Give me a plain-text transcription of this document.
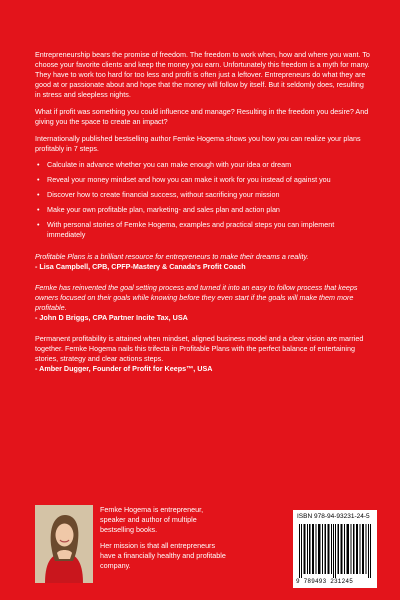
Entrepreneurship bears the promise of freedom. The freedom to work when, how and where you want. To choose your favorite clients and keep the money you earn. Unfortunately this freedom is a myth for many. They have to work too hard for too less and profit is often just a leftover. Entrepreneurs do what they are good at or passionate about and hope that the money will follow by itself. But it seldomly does, resulting in stress and sleepless nights.

What if profit was something you could influence and manage? Resulting in the freedom you desire? And giving you the space to create an impact?

Internationally published bestselling author Femke Hogema shows you how you can realize your plans profitably in 7 steps.

• Calculate in advance whether you can make enough with your idea or dream
• Reveal your money mindset and how you can make it work for you instead of against you
• Discover how to create financial success, without sacrificing your mission
• Make your own profitable plan, marketing- and sales plan and action plan
• With personal stories of Femke Hogema, examples and practical steps you can implement immediately
Profitable Plans is a brilliant resource for entrepreneurs to make their dreams a reality.
- Lisa Campbell, CPB, CPFP-Mastery & Canada's Profit Coach
Femke has reinvented the goal setting process and turned it into an easy to follow process that keeps owners focused on their goals while knowing before they even start if the goals will make them more profitable.
- John D Briggs, CPA Partner Incite Tax, USA
Permanent profitability is attained when mindset, aligned business model and a clear vision are married together. Femke Hogema nails this trifecta in Profitable Plans with the perfect balance of entertaining stories, strategy and clear actions steps.
- Amber Dugger, Founder of Profit for Keeps™, USA

Femke Hogema is entrepreneur, speaker and author of multiple bestselling books.

Her mission is that all entrepreneurs have a financially healthy and profitable company.

ISBN 978-94-93231-24-5
9 789493 231245
